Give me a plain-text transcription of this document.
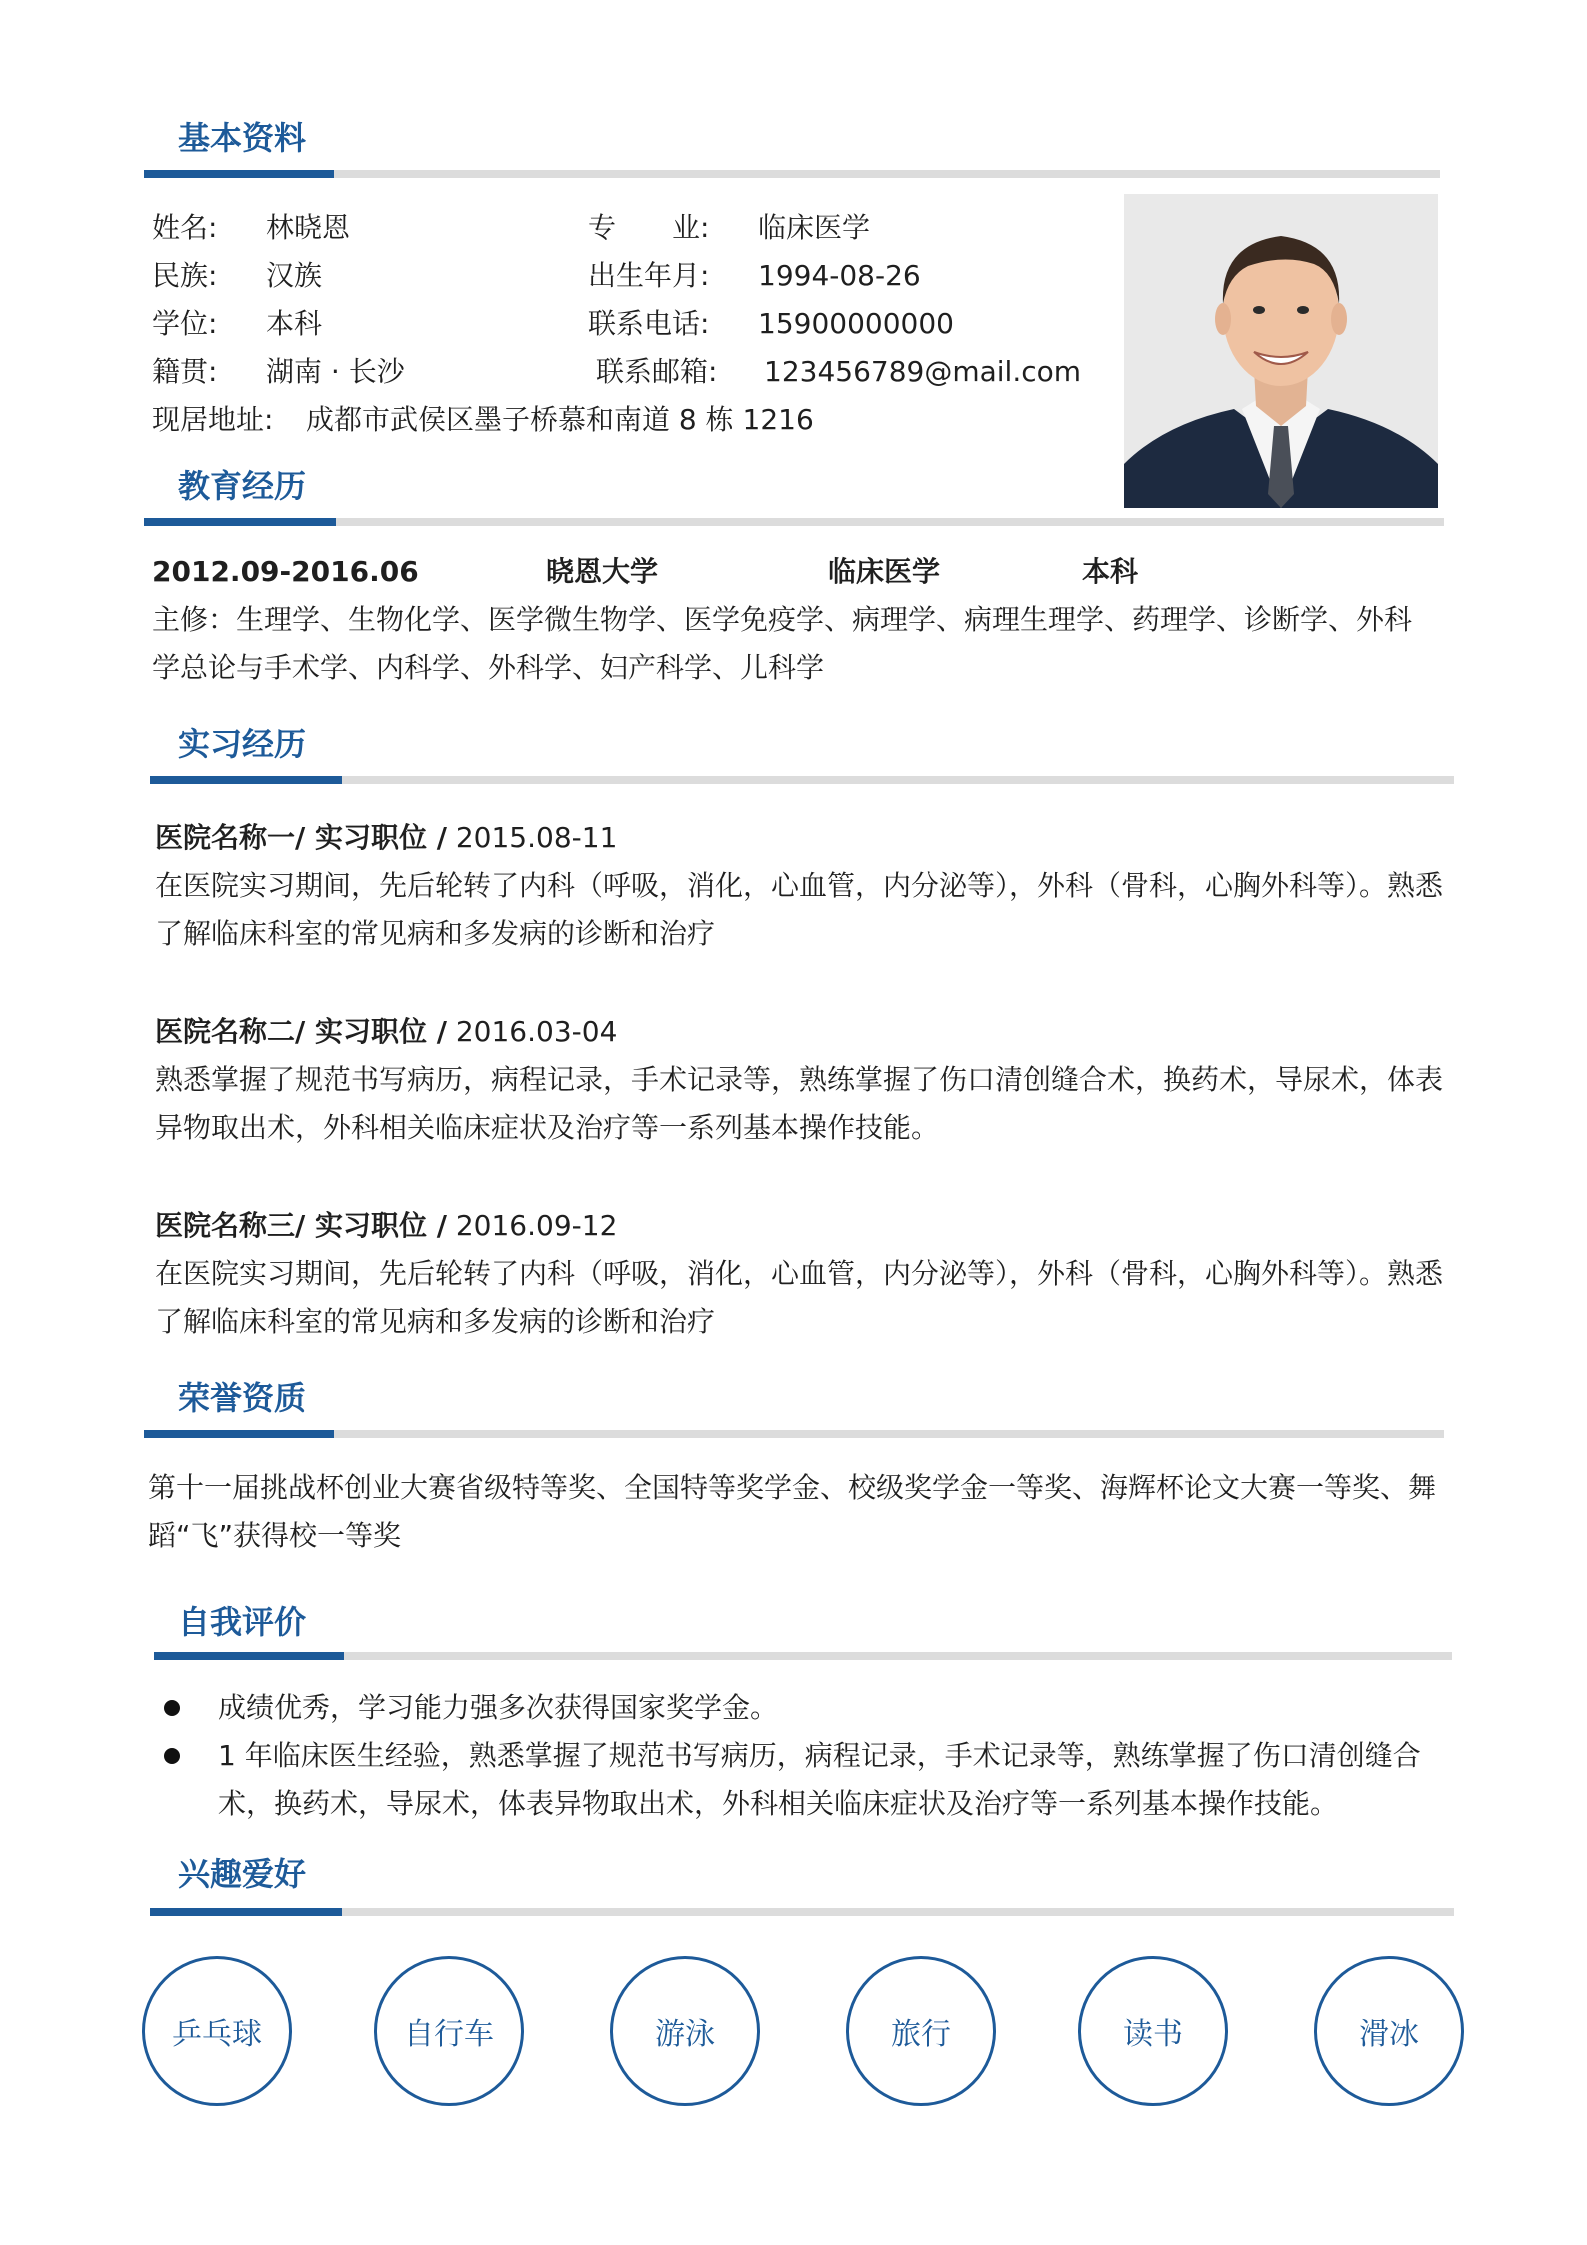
基本资料
姓名: 林晓恩
民族: 汉族
学位: 本科
籍贯: 湖南 · 长沙
现居地址: 成都市武侯区墨子桥慕和南道 8 栋 1216
专　　业: 临床医学
出生年月: 1994-08-26
联系电话: 15900000000
联系邮箱: 123456789@mail.com
教育经历
2012.09-2016.06	晓恩大学	临床医学	本科
主修：生理学、生物化学、医学微生物学、医学免疫学、病理学、病理生理学、药理学、诊断学、外科学总论与手术学、内科学、外科学、妇产科学、儿科学
实习经历
医院名称一/ 实习职位 / 2015.08-11
在医院实习期间，先后轮转了内科（呼吸，消化，心血管，内分泌等），外科（骨科，心胸外科等）。熟悉了解临床科室的常见病和多发病的诊断和治疗
医院名称二/ 实习职位 / 2016.03-04
熟悉掌握了规范书写病历，病程记录，手术记录等，熟练掌握了伤口清创缝合术，换药术，导尿术，体表异物取出术，外科相关临床症状及治疗等一系列基本操作技能。
医院名称三/ 实习职位 / 2016.09-12
在医院实习期间，先后轮转了内科（呼吸，消化，心血管，内分泌等），外科（骨科，心胸外科等）。熟悉了解临床科室的常见病和多发病的诊断和治疗
荣誉资质
第十一届挑战杯创业大赛省级特等奖、全国特等奖学金、校级奖学金一等奖、海辉杯论文大赛一等奖、舞蹈“飞”获得校一等奖
自我评价
成绩优秀，学习能力强多次获得国家奖学金。
1 年临床医生经验，熟悉掌握了规范书写病历，病程记录，手术记录等，熟练掌握了伤口清创缝合术，换药术，导尿术，体表异物取出术，外科相关临床症状及治疗等一系列基本操作技能。
兴趣爱好
乒乓球	自行车	游泳	旅行	读书	滑冰
